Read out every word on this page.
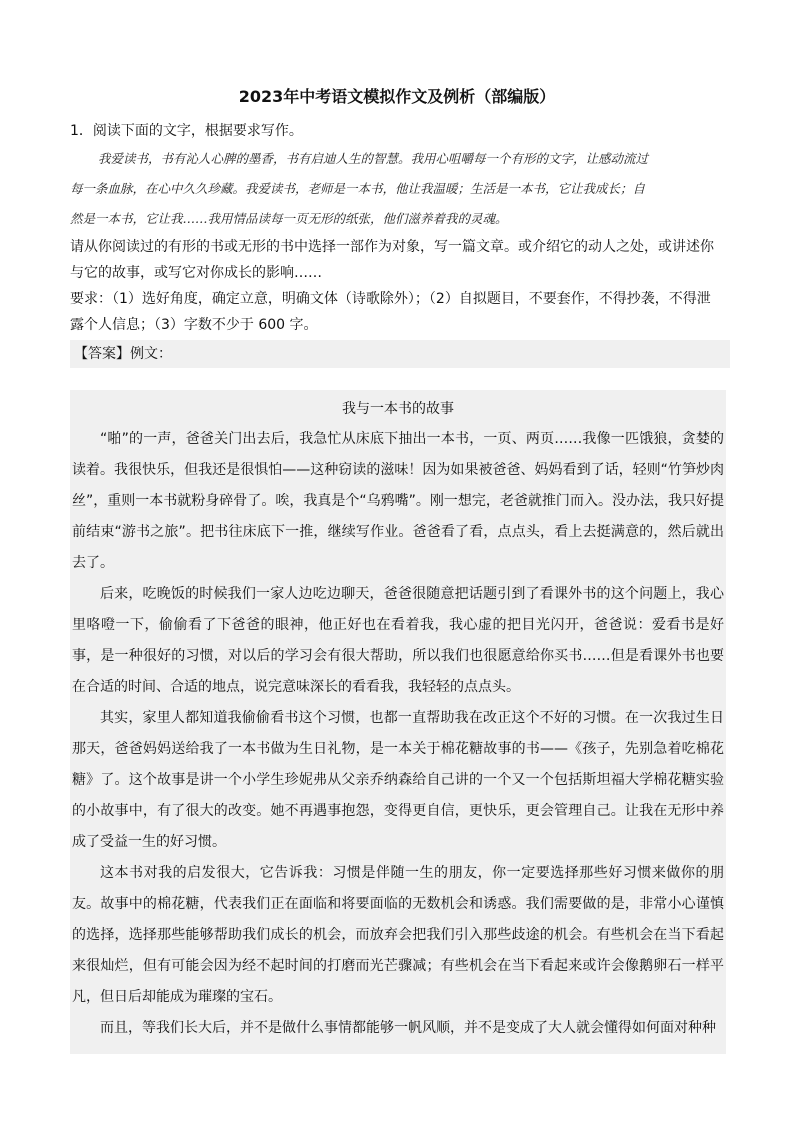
2023年中考语文模拟作文及例析（部编版）
1．阅读下面的文字，根据要求写作。
我爱读书，书有沁人心脾的墨香，书有启迪人生的智慧。我用心咀嚼每一个有形的文字，让感动流过
每一条血脉，在心中久久珍藏。我爱读书，老师是一本书，他让我温暖；生活是一本书，它让我成长；自
然是一本书，它让我……我用情品读每一页无形的纸张，他们滋养着我的灵魂。
请从你阅读过的有形的书或无形的书中选择一部作为对象，写一篇文章。或介绍它的动人之处，或讲述你
与它的故事，或写它对你成长的影响……
要求：（1）选好角度，确定立意，明确文体（诗歌除外）；（2）自拟题目，不要套作，不得抄袭，不得泄
露个人信息；（3）字数不少于 600 字。
【答案】例文：
我与一本书的故事

“啪”的一声，爸爸关门出去后，我急忙从床底下抽出一本书，一页、两页……我像一匹饿狼，贪婪的读着。我很快乐，但我还是很惧怕——这种窃读的滋味！因为如果被爸爸、妈妈看到了话，轻则“竹笋炒肉丝”，重则一本书就粉身碎骨了。唉，我真是个“乌鸦嘴”。刚一想完，老爸就推门而入。没办法，我只好提前结束“游书之旅”。把书往床底下一推，继续写作业。爸爸看了看，点点头，看上去挺满意的，然后就出去了。

后来，吃晚饭的时候我们一家人边吃边聊天，爸爸很随意把话题引到了看课外书的这个问题上，我心里咯噔一下，偷偷看了下爸爸的眼神，他正好也在看着我，我心虚的把目光闪开，爸爸说：爱看书是好事，是一种很好的习惯，对以后的学习会有很大帮助，所以我们也很愿意给你买书……但是看课外书也要在合适的时间、合适的地点，说完意味深长的看看我，我轻轻的点点头。

其实，家里人都知道我偷偷看书这个习惯，也都一直帮助我在改正这个不好的习惯。在一次我过生日那天，爸爸妈妈送给我了一本书做为生日礼物，是一本关于棉花糖故事的书——《孩子，先别急着吃棉花糖》了。这个故事是讲一个小学生珍妮弗从父亲乔纳森给自己讲的一个又一个包括斯坦福大学棉花糖实验的小故事中，有了很大的改变。她不再遇事抱怨，变得更自信，更快乐，更会管理自己。让我在无形中养成了受益一生的好习惯。

这本书对我的启发很大，它告诉我：习惯是伴随一生的朋友，你一定要选择那些好习惯来做你的朋友。故事中的棉花糖，代表我们正在面临和将要面临的无数机会和诱惑。我们需要做的是，非常小心谨慎的选择，选择那些能够帮助我们成长的机会，而放弃会把我们引入那些歧途的机会。有些机会在当下看起来很灿烂，但有可能会因为经不起时间的打磨而光芒骤减；有些机会在当下看起来或许会像鹅卵石一样平凡，但日后却能成为璀璨的宝石。

而且，等我们长大后，并不是做什么事情都能够一帆风顺，并不是变成了大人就会懂得如何面对种种
